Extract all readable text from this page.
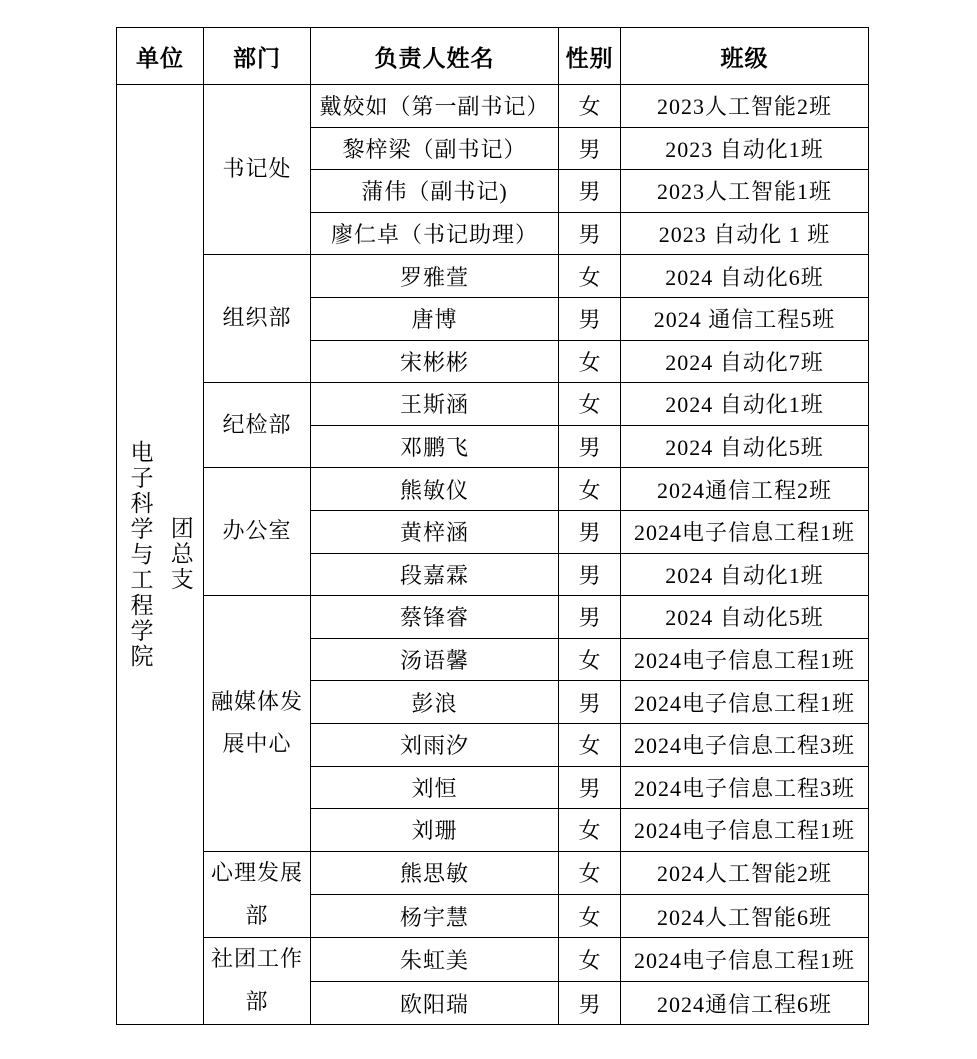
单位	部门	负责人姓名	性别	班级

电子科学与工程学院 团总支	书记处	戴姣如（第一副书记）	女	2023人工智能2班
		黎梓梁（副书记）	男	2023 自动化1班
		蒲伟（副书记)	男	2023人工智能1班
		廖仁卓（书记助理）	男	2023 自动化 1 班
	组织部	罗雅萱	女	2024 自动化6班
		唐博	男	2024 通信工程5班
		宋彬彬	女	2024 自动化7班
	纪检部	王斯涵	女	2024 自动化1班
		邓鹏飞	男	2024 自动化5班
	办公室	熊敏仪	女	2024通信工程2班
		黄梓涵	男	2024电子信息工程1班
		段嘉霖	男	2024 自动化1班
	融媒体发展中心	蔡锋睿	男	2024 自动化5班
		汤语馨	女	2024电子信息工程1班
		彭浪	男	2024电子信息工程1班
		刘雨汐	女	2024电子信息工程3班
		刘恒	男	2024电子信息工程3班
		刘珊	女	2024电子信息工程1班
	心理发展部	熊思敏	女	2024人工智能2班
		杨宇慧	女	2024人工智能6班
	社团工作部	朱虹美	女	2024电子信息工程1班
		欧阳瑞	男	2024通信工程6班
